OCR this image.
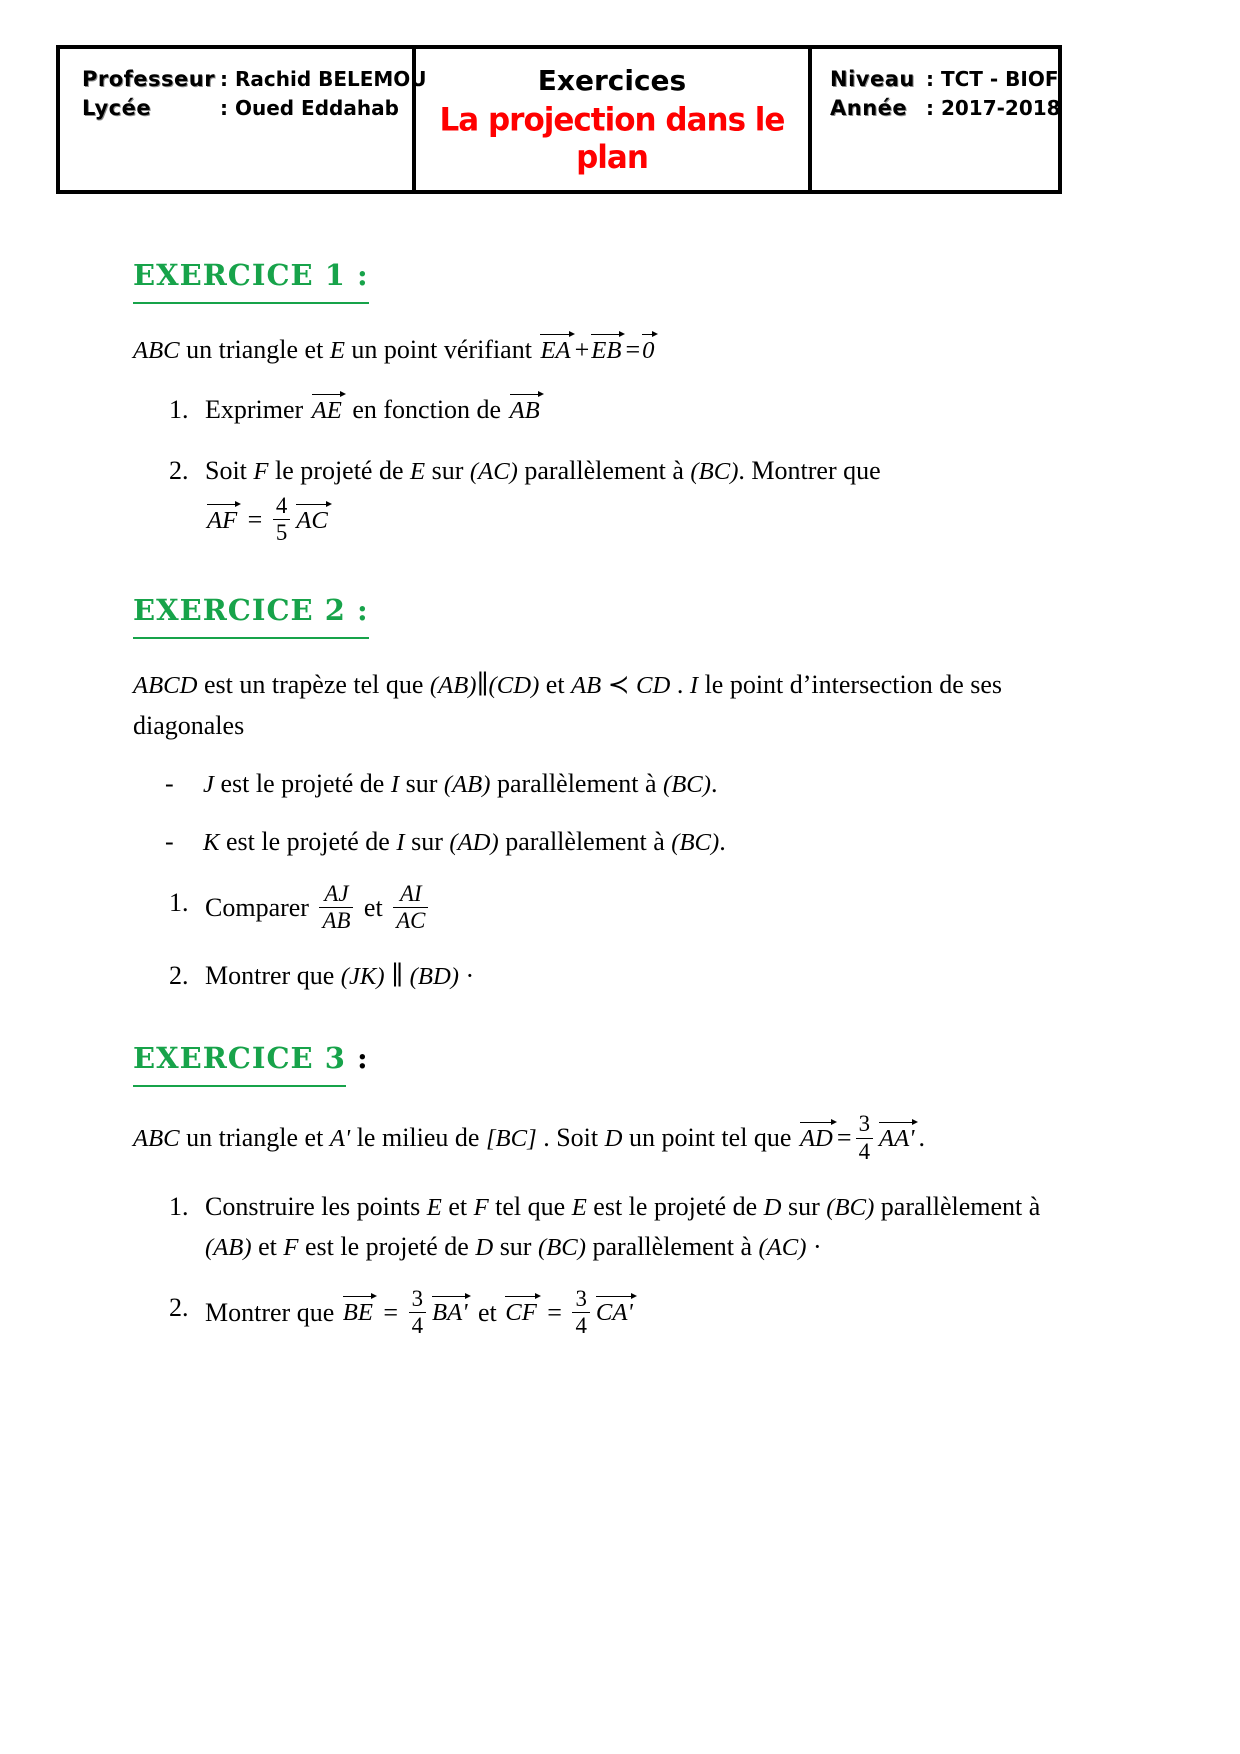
Professeur : Rachid BELEMOU
Lycée	: Oued Eddahab
Exercices
La projection dans le plan
Niveau : TCT - BIOF
Année : 2017-2018
EXERCICE 1 :

ABC un triangle et E un point vérifiant EA +EB =0

1. Exprimer AE en fonction de AB
2. Soit F le projeté de E sur (AC) parallèlement à (BC). Montrer que
AF = $\frac{4}{5}$ AC
EXERCICE 2 :

ABCD est un trapèze tel que (AB)∥(CD) et AB ≺ CD . I le point d’intersection de ses diagonales

-	J est le projeté de I sur (AB) parallèlement à (BC).
-	K est le projeté de I sur (AD) parallèlement à (BC).
1. Comparer $\frac{AJ}{AB}$ et $\frac{AI}{AC}$
2. Montrer que (JK) ∥ (BD) ·
EXERCICE 3 :

ABC un triangle et A' le milieu de [BC] . Soit D un point tel que AD = $\frac{3}{4} AA'$ .

1. Construire les points E et F tel que E est le projeté de D sur (BC) parallèlement à (AB) et F est le projeté de D sur (BC) parallèlement à (AC) ·
2. Montrer que BE = $\frac{3}{4} BA'$ et CF = $\frac{3}{4} CA'$
